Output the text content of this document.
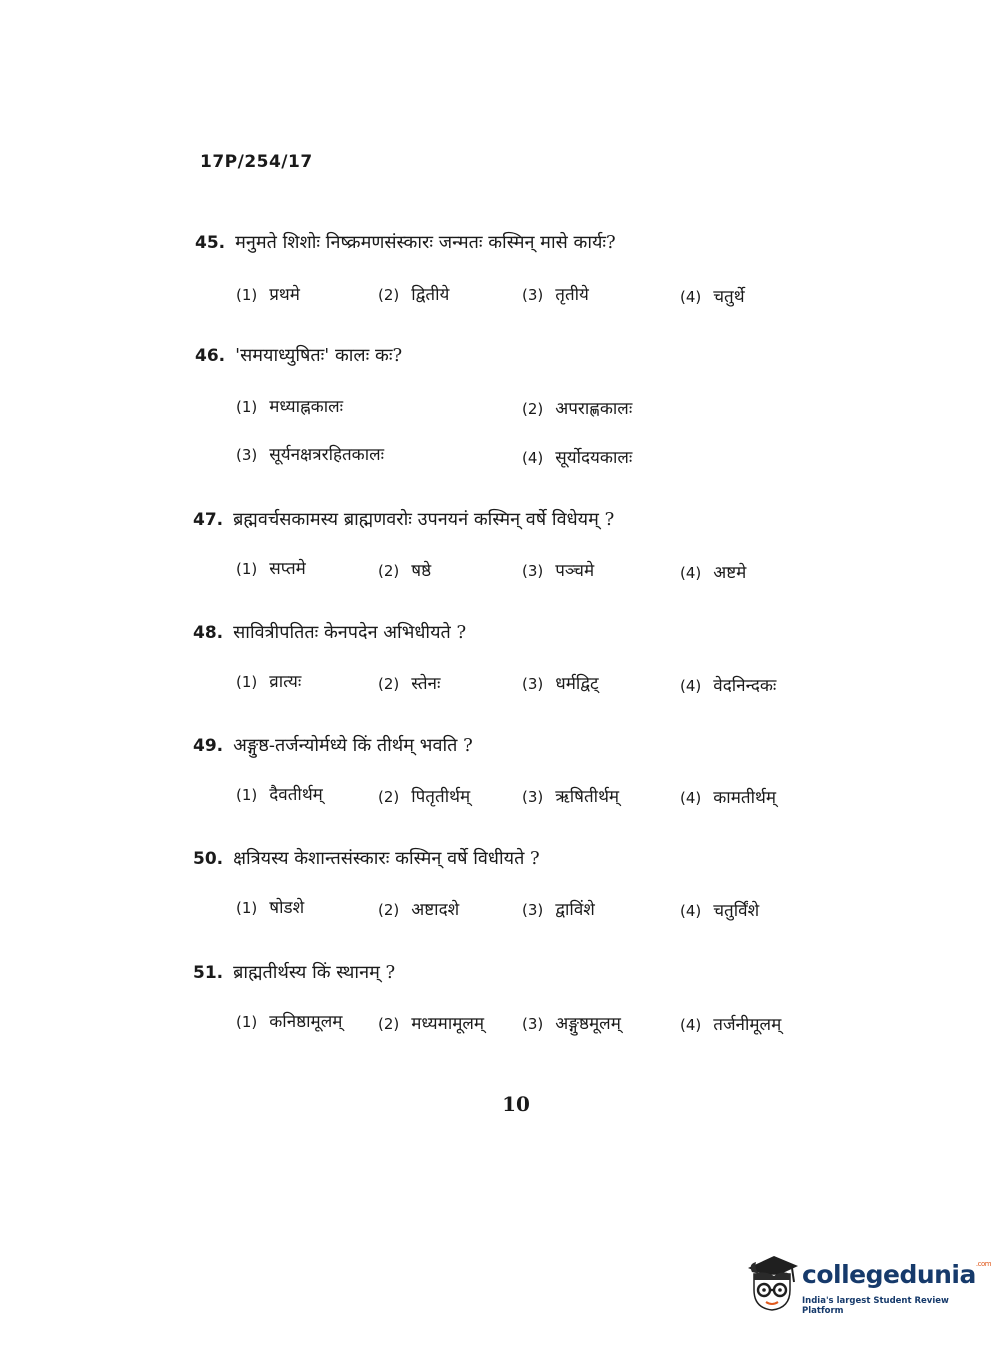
17P/254/17
45. मनुमते शिशोः निष्क्रमणसंस्कारः जन्मतः कस्मिन् मासे कार्यः?
(1) प्रथमे	(2) द्वितीये	(3) तृतीये	(4) चतुर्थे
46. 'समयाध्युषितः' कालः कः?
(1) मध्याह्नकालः	(2) अपराह्णकालः
(3) सूर्यनक्षत्ररहितकालः	(4) सूर्योदयकालः
47. ब्रह्मवर्चसकामस्य ब्राह्मणवरोः उपनयनं कस्मिन् वर्षे विधेयम् ?
(1) सप्तमे	(2) षष्ठे	(3) पञ्चमे	(4) अष्टमे
48. सावित्रीपतितः केनपदेन अभिधीयते ?
(1) व्रात्यः	(2) स्तेनः	(3) धर्मद्विट्	(4) वेदनिन्दकः
49. अङ्गुष्ठ-तर्जन्योर्मध्ये किं तीर्थम् भवति ?
(1) दैवतीर्थम्	(2) पितृतीर्थम्	(3) ऋषितीर्थम्	(4) कामतीर्थम्
50. क्षत्रियस्य केशान्तसंस्कारः कस्मिन् वर्षे विधीयते ?
(1) षोडशे	(2) अष्टादशे	(3) द्वाविंशे	(4) चतुर्विंशे
51. ब्राह्मतीर्थस्य किं स्थानम् ?
(1) कनिष्ठामूलम् (2) मध्यमामूलम्	(3) अङ्गुष्ठमूलम्	(4) तर्जनीमूलम्
10
collegedunia$^{.com}$
India's largest Student Review Platform
